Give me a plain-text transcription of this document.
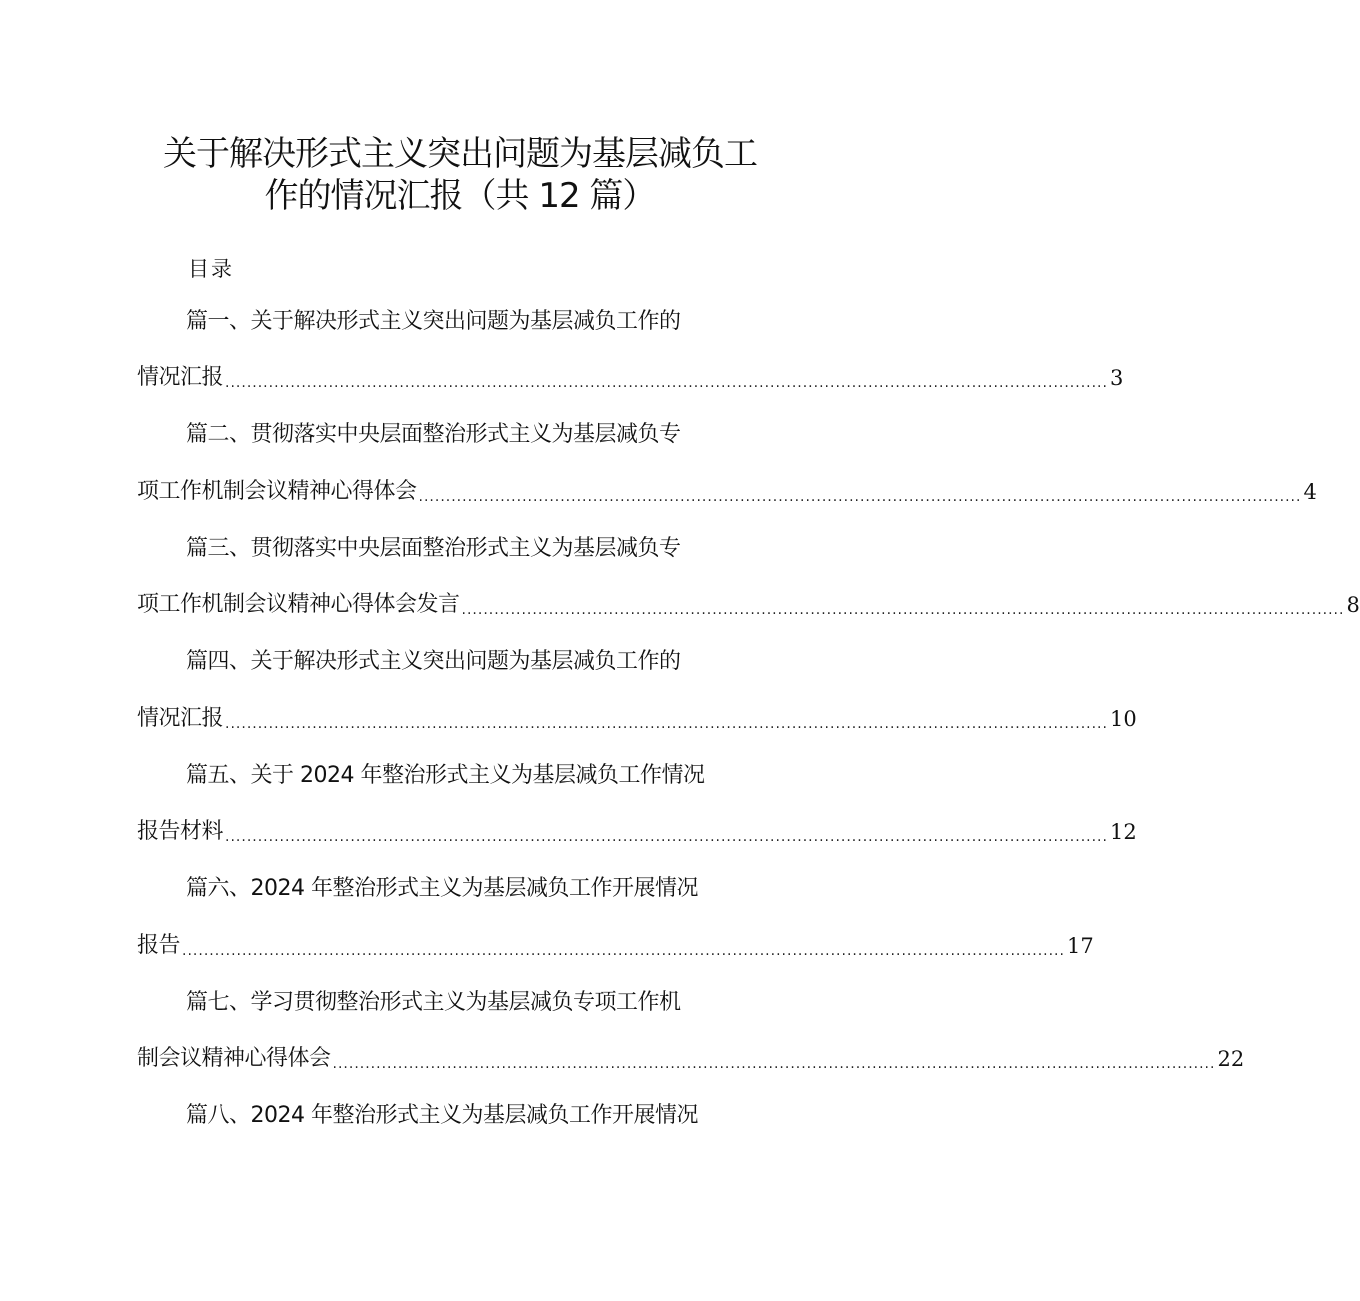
关于解决形式主义突出问题为基层减负工
作的情况汇报（共 12 篇）
目录
篇一、关于解决形式主义突出问题为基层减负工作的
情况汇报 .................................................................................................................................................................. 3
篇二、贯彻落实中央层面整治形式主义为基层减负专
项工作机制会议精神心得体会 .................................................................................................................................................................. 4
篇三、贯彻落实中央层面整治形式主义为基层减负专
项工作机制会议精神心得体会发言 .................................................................................................................................................................. 8
篇四、关于解决形式主义突出问题为基层减负工作的
情况汇报 .................................................................................................................................................................. 10
篇五、关于 2024 年整治形式主义为基层减负工作情况
报告材料 .................................................................................................................................................................. 12
篇六、2024 年整治形式主义为基层减负工作开展情况
报告 .................................................................................................................................................................. 17
篇七、学习贯彻整治形式主义为基层减负专项工作机
制会议精神心得体会 .................................................................................................................................................................. 22
篇八、2024 年整治形式主义为基层减负工作开展情况
